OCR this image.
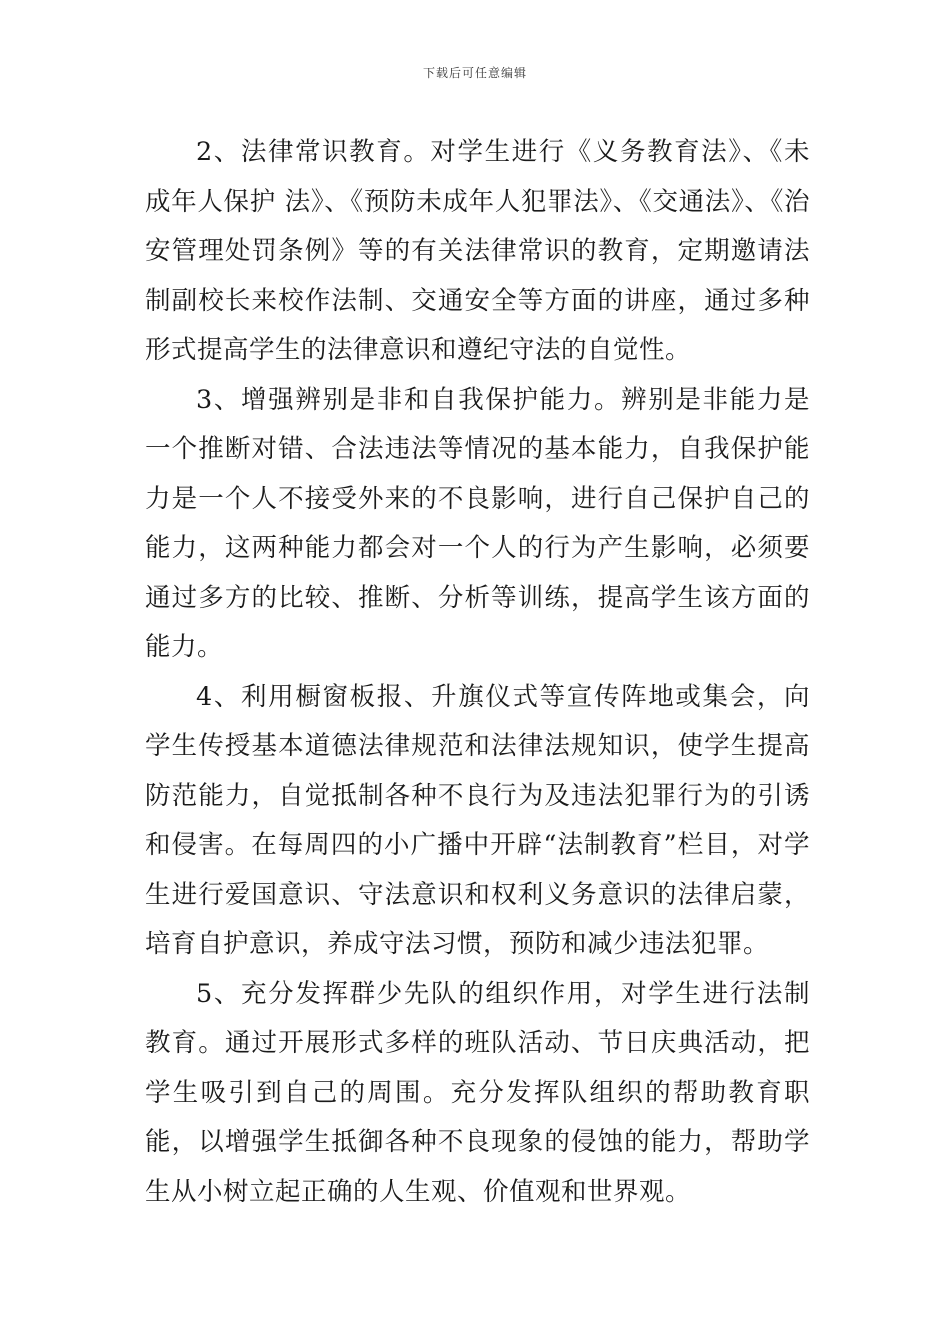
下载后可任意编辑

2、法律常识教育。对学生进行《义务教育法》、《未成年人保护 法》、《预防未成年人犯罪法》、《交通法》、《治安管理处罚条例》等的有关法律常识的教育，定期邀请法制副校长来校作法制、交通安全等方面的讲座，通过多种形式提高学生的法律意识和遵纪守法的自觉性。

3、增强辨别是非和自我保护能力。辨别是非能力是一个推断对错、合法违法等情况的基本能力，自我保护能力是一个人不接受外来的不良影响，进行自己保护自己的能力，这两种能力都会对一个人的行为产生影响，必须要通过多方的比较、推断、分析等训练，提高学生该方面的能力。

4、利用橱窗板报、升旗仪式等宣传阵地或集会，向学生传授基本道德法律规范和法律法规知识，使学生提高防范能力，自觉抵制各种不良行为及违法犯罪行为的引诱和侵害。在每周四的小广播中开辟“法制教育”栏目，对学生进行爱国意识、守法意识和权利义务意识的法律启蒙，培育自护意识，养成守法习惯，预防和减少违法犯罪。

5、充分发挥群少先队的组织作用，对学生进行法制教育。通过开展形式多样的班队活动、节日庆典活动，把学生吸引到自己的周围。充分发挥队组织的帮助教育职能，以增强学生抵御各种不良现象的侵蚀的能力，帮助学生从小树立起正确的人生观、价值观和世界观。
